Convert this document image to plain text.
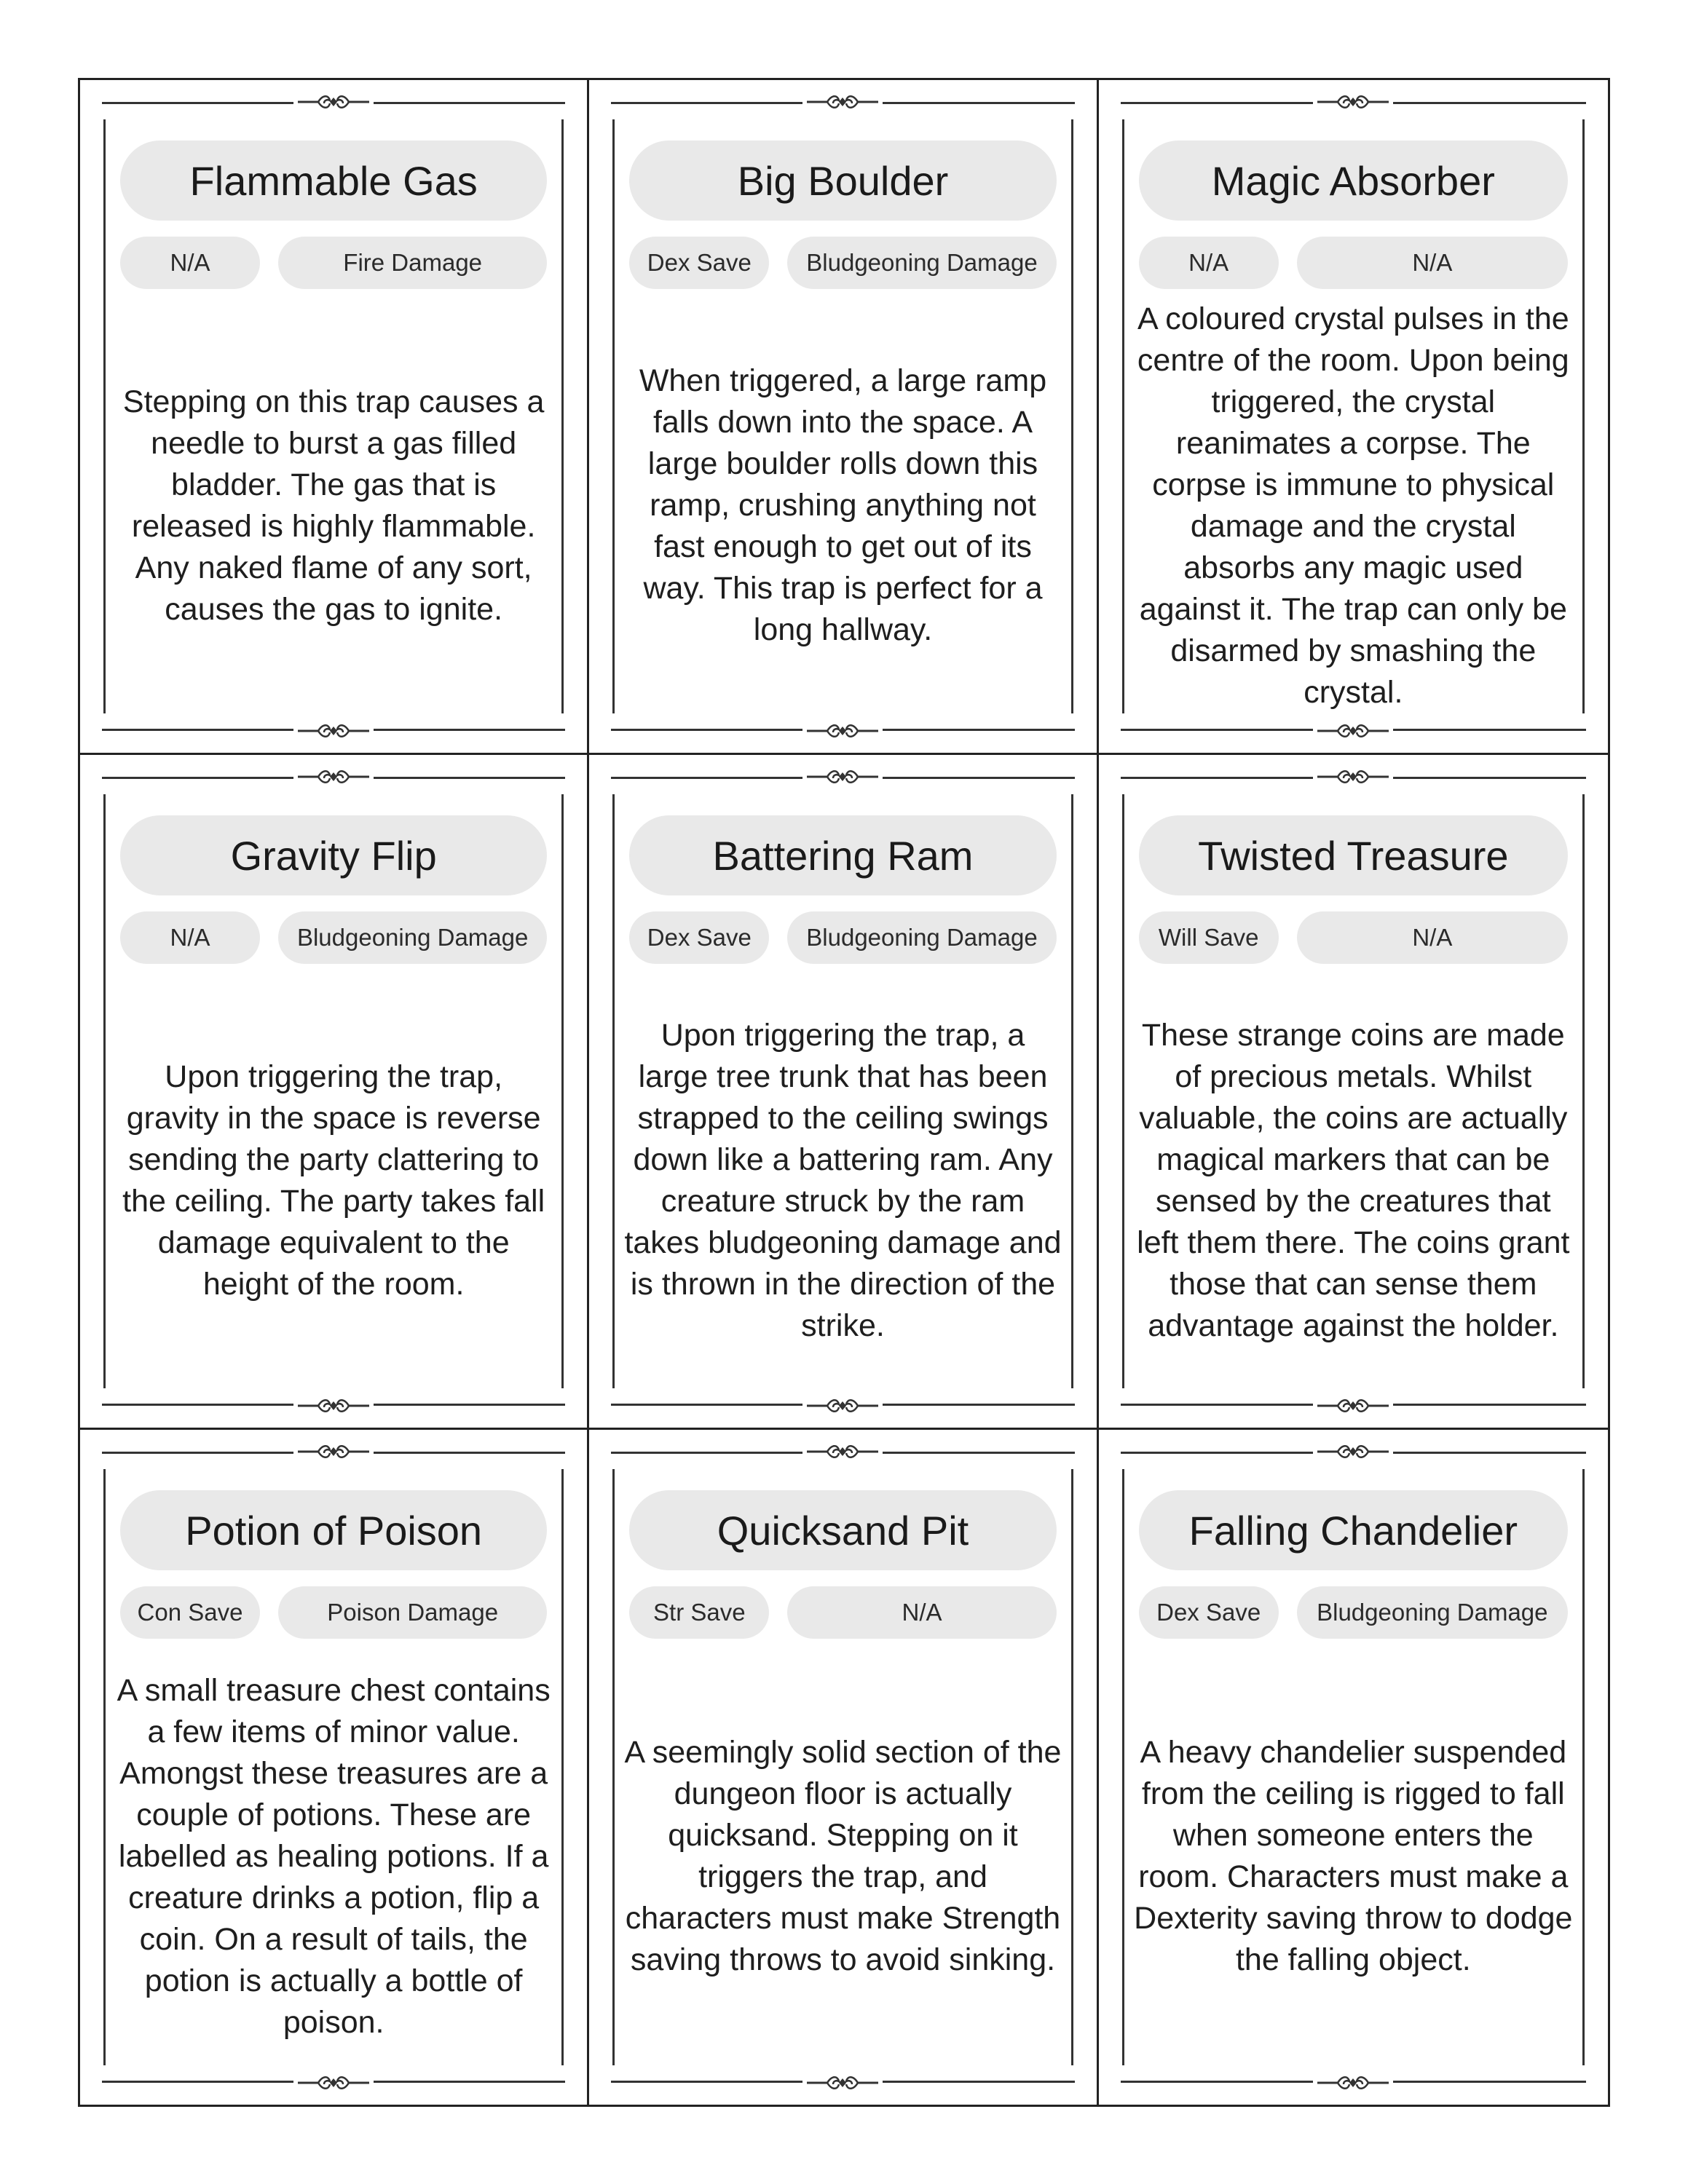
Flammable Gas
N/A	Fire Damage
Stepping on this trap causes a needle to burst a gas filled bladder. The gas that is released is highly flammable. Any naked flame of any sort, causes the gas to ignite.
Big Boulder
Dex Save	Bludgeoning Damage
When triggered, a large ramp falls down into the space. A large boulder rolls down this ramp, crushing anything not fast enough to get out of its way. This trap is perfect for a long hallway.
Magic Absorber
N/A	N/A
A coloured crystal pulses in the centre of the room. Upon being triggered, the crystal reanimates a corpse. The corpse is immune to physical damage and the crystal absorbs any magic used against it. The trap can only be disarmed by smashing the crystal.
Gravity Flip
N/A	Bludgeoning Damage
Upon triggering the trap, gravity in the space is reverse sending the party clattering to the ceiling. The party takes fall damage equivalent to the height of the room.
Battering Ram
Dex Save	Bludgeoning Damage
Upon triggering the trap, a large tree trunk that has been strapped to the ceiling swings down like a battering ram. Any creature struck by the ram takes bludgeoning damage and is thrown in the direction of the strike.
Twisted Treasure
Will Save	N/A
These strange coins are made of precious metals. Whilst valuable, the coins are actually magical markers that can be sensed by the creatures that left them there. The coins grant those that can sense them advantage against the holder.
Potion of Poison
Con Save	Poison Damage
A small treasure chest contains a few items of minor value. Amongst these treasures are a couple of potions. These are labelled as healing potions. If a creature drinks a potion, flip a coin. On a result of tails, the potion is actually a bottle of poison.
Quicksand Pit
Str Save	N/A
A seemingly solid section of the dungeon floor is actually quicksand. Stepping on it triggers the trap, and characters must make Strength saving throws to avoid sinking.
Falling Chandelier
Dex Save	Bludgeoning Damage
A heavy chandelier suspended from the ceiling is rigged to fall when someone enters the room. Characters must make a Dexterity saving throw to dodge the falling object.
